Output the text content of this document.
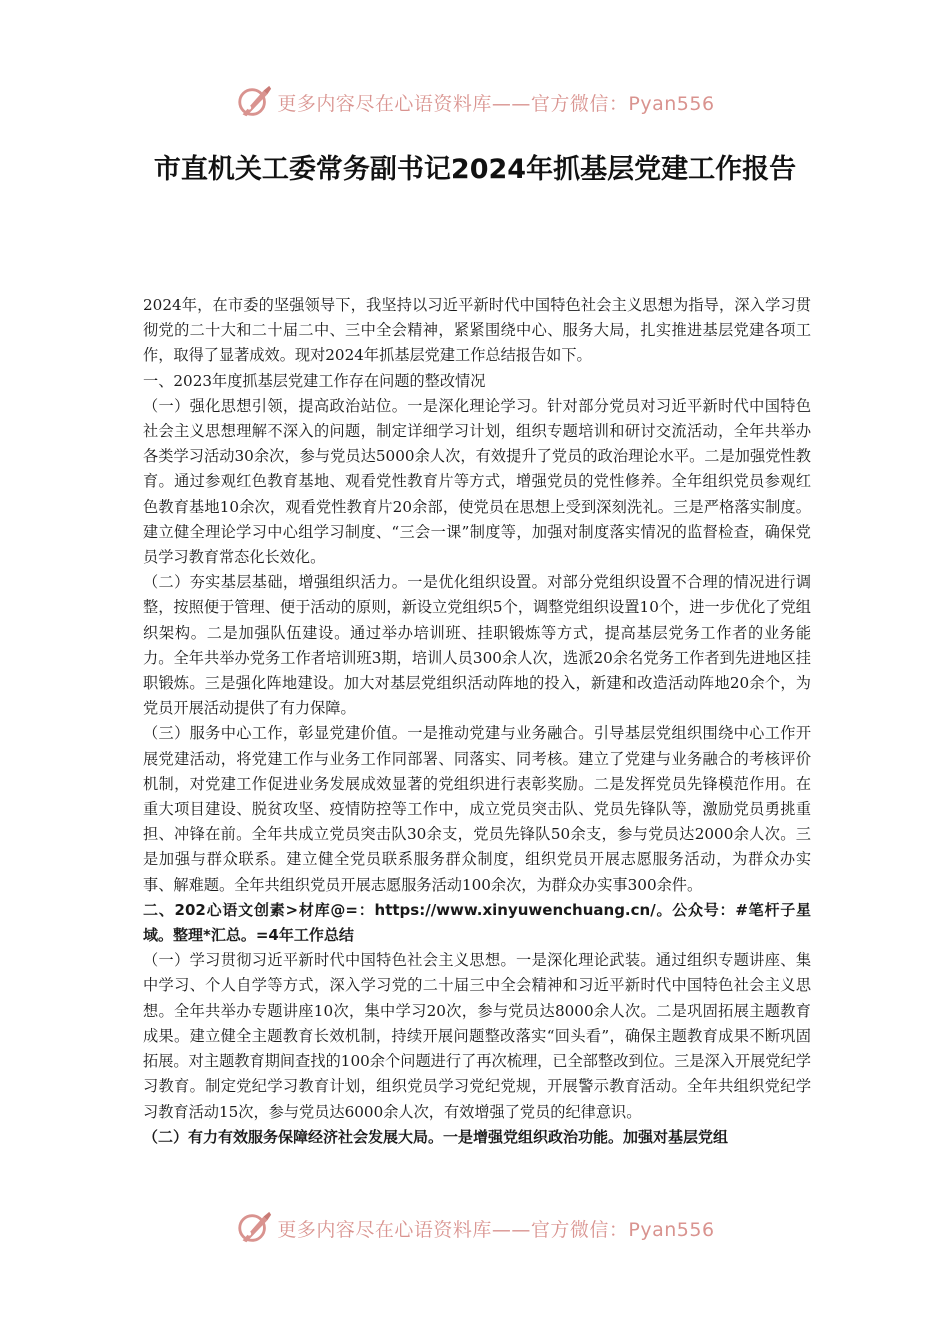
更多内容尽在心语资料库——官方微信：Pyan556
市直机关工委常务副书记2024年抓基层党建工作报告

2024年，在市委的坚强领导下，我坚持以习近平新时代中国特色社会主义思想为指导，深入学习贯彻党的二十大和二十届二中、三中全会精神，紧紧围绕中心、服务大局，扎实推进基层党建各项工作，取得了显著成效。现对2024年抓基层党建工作总结报告如下。

一、2023年度抓基层党建工作存在问题的整改情况

（一）强化思想引领，提高政治站位。一是深化理论学习。针对部分党员对习近平新时代中国特色社会主义思想理解不深入的问题，制定详细学习计划，组织专题培训和研讨交流活动，全年共举办各类学习活动30余次，参与党员达5000余人次，有效提升了党员的政治理论水平。二是加强党性教育。通过参观红色教育基地、观看党性教育片等方式，增强党员的党性修养。全年组织党员参观红色教育基地10余次，观看党性教育片20余部，使党员在思想上受到深刻洗礼。三是严格落实制度。建立健全理论学习中心组学习制度、“三会一课”制度等，加强对制度落实情况的监督检查，确保党员学习教育常态化长效化。

（二）夯实基层基础，增强组织活力。一是优化组织设置。对部分党组织设置不合理的情况进行调整，按照便于管理、便于活动的原则，新设立党组织5个，调整党组织设置10个，进一步优化了党组织架构。二是加强队伍建设。通过举办培训班、挂职锻炼等方式，提高基层党务工作者的业务能力。全年共举办党务工作者培训班3期，培训人员300余人次，选派20余名党务工作者到先进地区挂职锻炼。三是强化阵地建设。加大对基层党组织活动阵地的投入，新建和改造活动阵地20余个，为党员开展活动提供了有力保障。

（三）服务中心工作，彰显党建价值。一是推动党建与业务融合。引导基层党组织围绕中心工作开展党建活动，将党建工作与业务工作同部署、同落实、同考核。建立了党建与业务融合的考核评价机制，对党建工作促进业务发展成效显著的党组织进行表彰奖励。二是发挥党员先锋模范作用。在重大项目建设、脱贫攻坚、疫情防控等工作中，成立党员突击队、党员先锋队等，激励党员勇挑重担、冲锋在前。全年共成立党员突击队30余支，党员先锋队50余支，参与党员达2000余人次。三是加强与群众联系。建立健全党员联系服务群众制度，组织党员开展志愿服务活动，为群众办实事、解难题。全年共组织党员开展志愿服务活动100余次，为群众办实事300余件。

二、202心语文创素>材库@=：https://www.xinyuwenchuang.cn/。公众号：#笔杆子星域。整理*汇总。=4年工作总结

（一）学习贯彻习近平新时代中国特色社会主义思想。一是深化理论武装。通过组织专题讲座、集中学习、个人自学等方式，深入学习党的二十届三中全会精神和习近平新时代中国特色社会主义思想。全年共举办专题讲座10次，集中学习20次，参与党员达8000余人次。二是巩固拓展主题教育成果。建立健全主题教育长效机制，持续开展问题整改落实“回头看”，确保主题教育成果不断巩固拓展。对主题教育期间查找的100余个问题进行了再次梳理，已全部整改到位。三是深入开展党纪学习教育。制定党纪学习教育计划，组织党员学习党纪党规，开展警示教育活动。全年共组织党纪学习教育活动15次，参与党员达6000余人次，有效增强了党员的纪律意识。

（二）有力有效服务保障经济社会发展大局。一是增强党组织政治功能。加强对基层党组

更多内容尽在心语资料库——官方微信：Pyan556
